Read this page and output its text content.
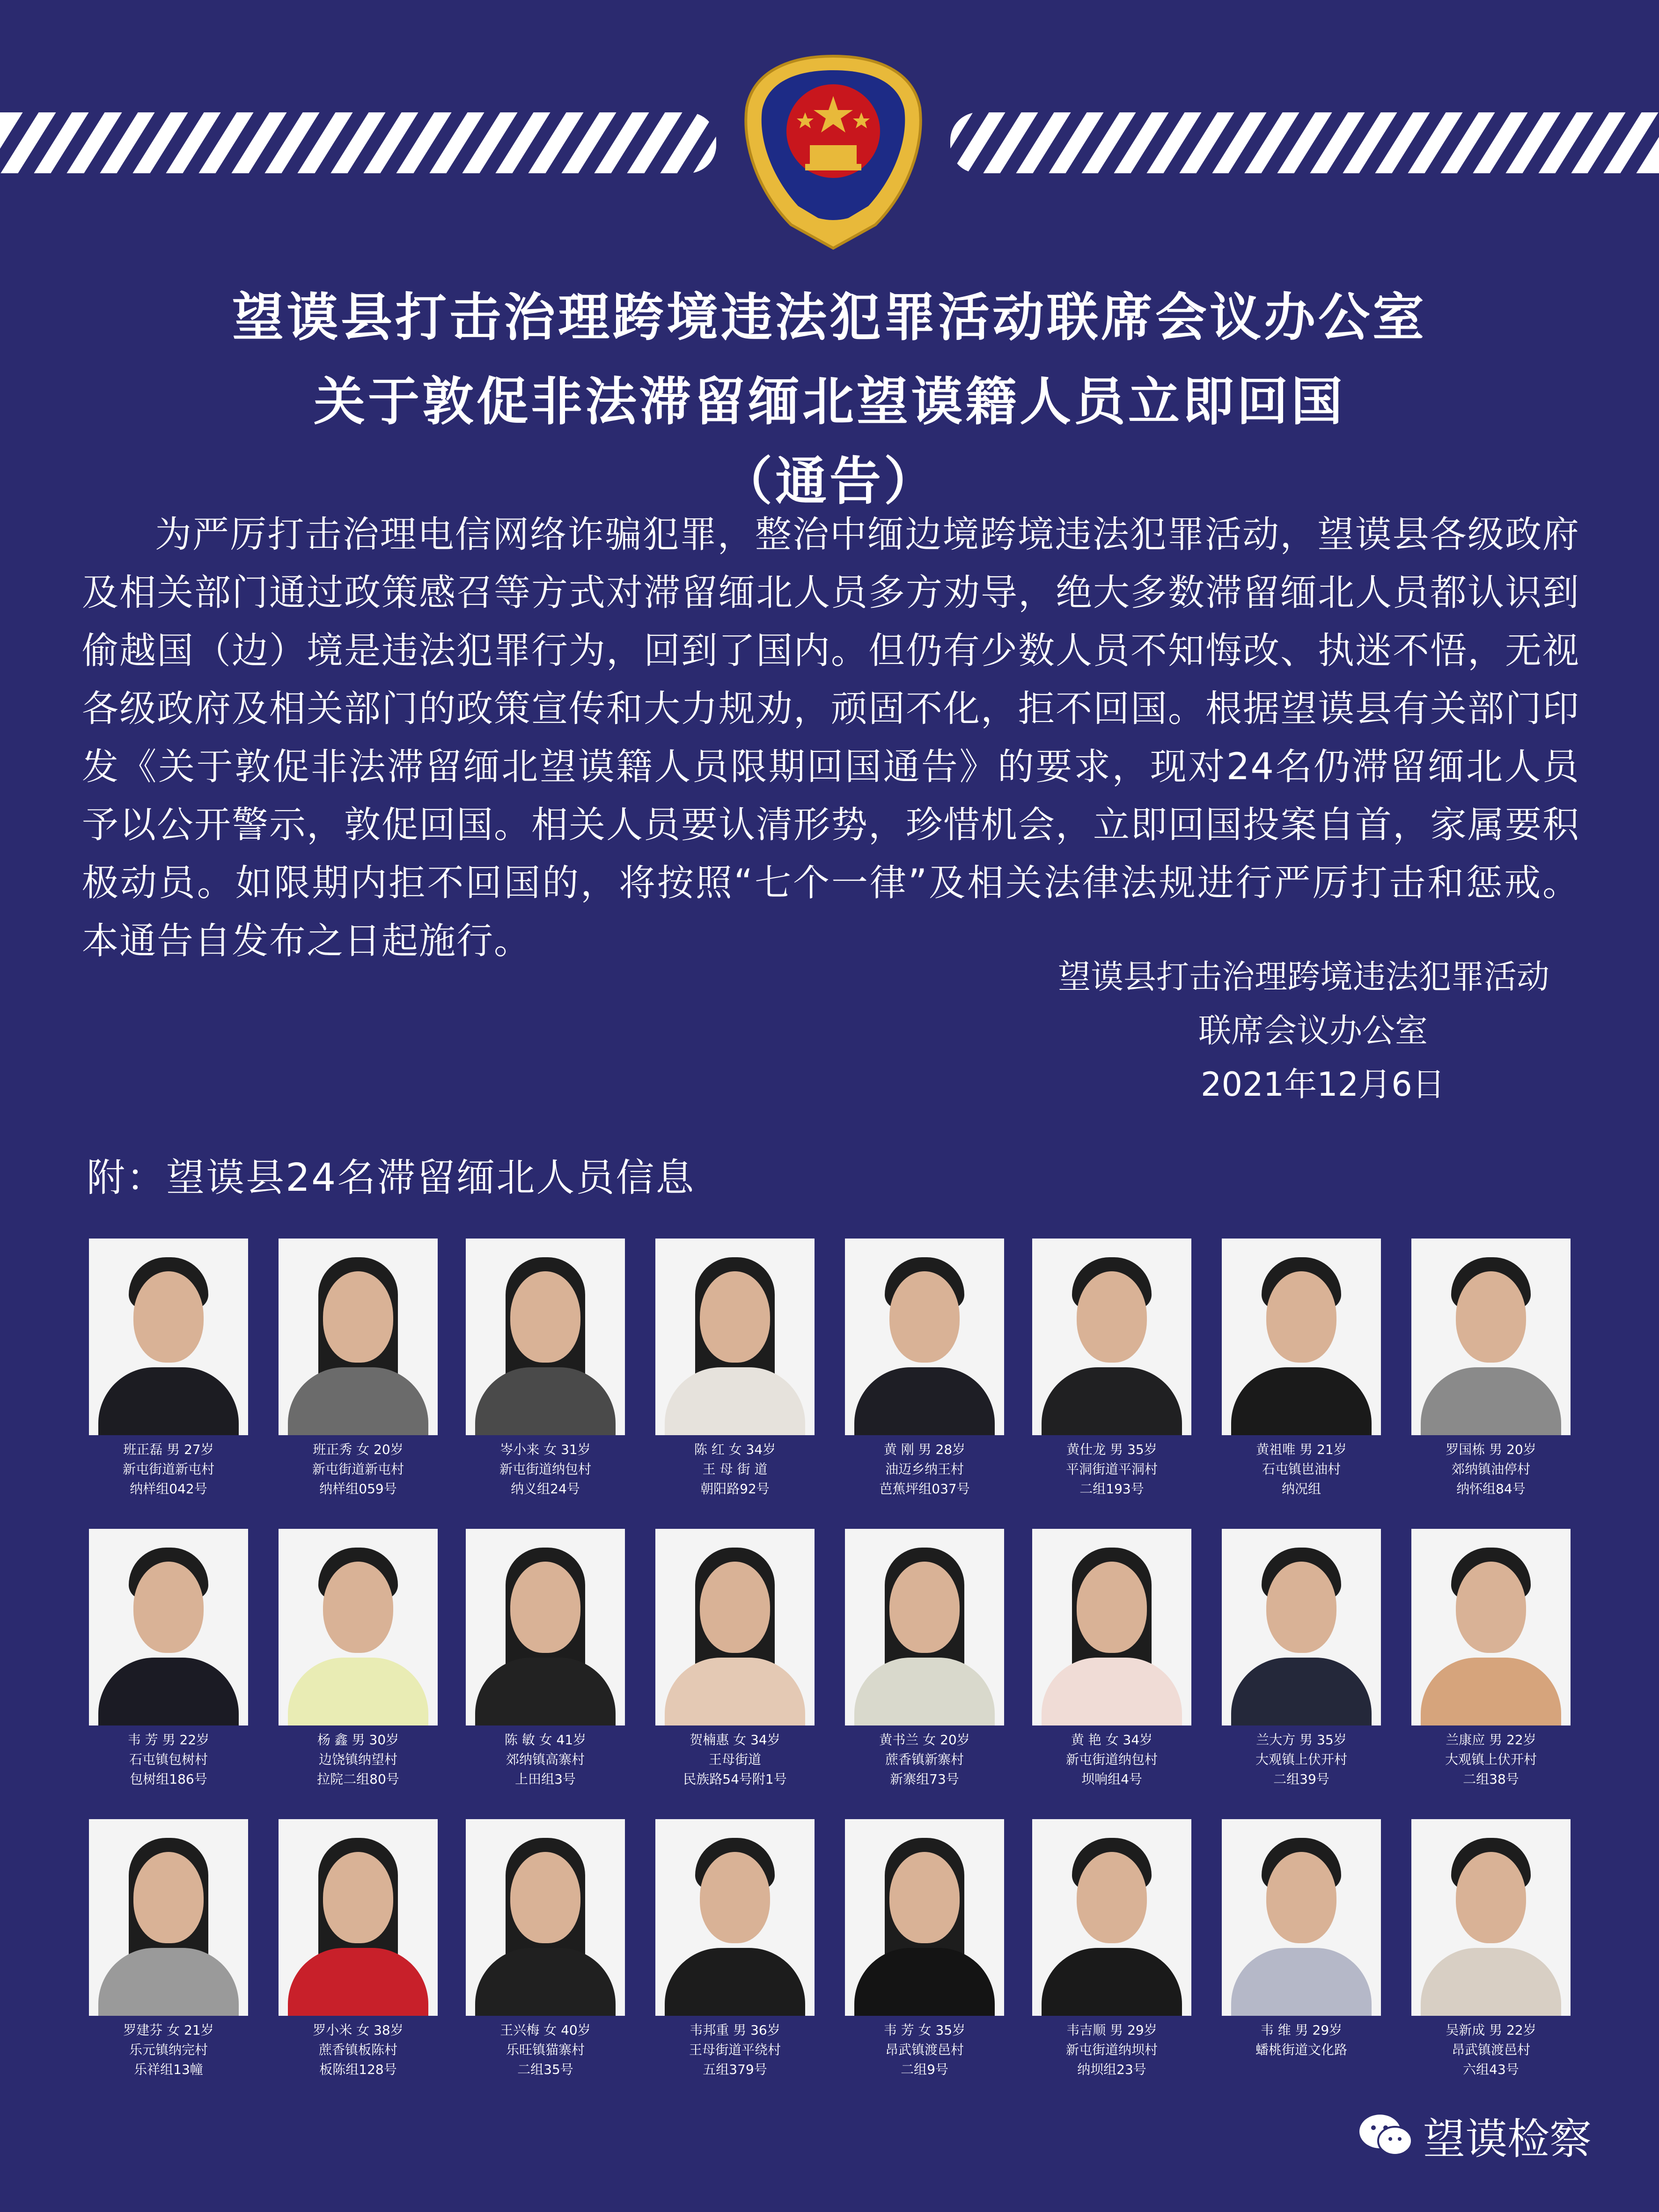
望谟县打击治理跨境违法犯罪活动联席会议办公室
关于敦促非法滞留缅北望谟籍人员立即回国
（通告）
为严厉打击治理电信网络诈骗犯罪，整治中缅边境跨境违法犯罪活动，望谟县各级政府及相关部门通过政策感召等方式对滞留缅北人员多方劝导，绝大多数滞留缅北人员都认识到偷越国（边）境是违法犯罪行为，回到了国内。但仍有少数人员不知悔改、执迷不悟，无视各级政府及相关部门的政策宣传和大力规劝，顽固不化，拒不回国。根据望谟县有关部门印发《关于敦促非法滞留缅北望谟籍人员限期回国通告》的要求，现对24名仍滞留缅北人员予以公开警示，敦促回国。相关人员要认清形势，珍惜机会，立即回国投案自首，家属要积极动员。如限期内拒不回国的，将按照“七个一律”及相关法律法规进行严厉打击和惩戒。本通告自发布之日起施行。
望谟县打击治理跨境违法犯罪活动
联席会议办公室
2021年12月6日
附：望谟县24名滞留缅北人员信息
班正磊 男 27岁
新屯街道新屯村
纳样组042号
班正秀 女 20岁
新屯街道新屯村
纳样组059号
岑小来 女 31岁
新屯街道纳包村
纳义组24号
陈 红 女 34岁
王 母 街 道
朝阳路92号
黄 刚 男 28岁
油迈乡纳王村
芭蕉坪组037号
黄仕龙 男 35岁
平洞街道平洞村
二组193号
黄祖唯 男 21岁
石屯镇岜油村
纳况组
罗国栋 男 20岁
郊纳镇油停村
纳怀组84号
韦 芳 男 22岁
石屯镇包树村
包树组186号
杨 鑫 男 30岁
边饶镇纳望村
拉院二组80号
陈 敏 女 41岁
郊纳镇高寨村
上田组3号
贺楠惠 女 34岁
王母街道
民族路54号附1号
黄书兰 女 20岁
蔗香镇新寨村
新寨组73号
黄 艳 女 34岁
新屯街道纳包村
坝响组4号
兰大方 男 35岁
大观镇上伏开村
二组39号
兰康应 男 22岁
大观镇上伏开村
二组38号
罗建芬 女 21岁
乐元镇纳完村
乐祥组13幢
罗小米 女 38岁
蔗香镇板陈村
板陈组128号
王兴梅 女 40岁
乐旺镇猫寨村
二组35号
韦邦重 男 36岁
王母街道平绕村
五组379号
韦 芳 女 35岁
昂武镇渡邑村
二组9号
韦吉顺 男 29岁
新屯街道纳坝村
纳坝组23号
韦 维 男 29岁
蟠桃街道文化路
吴新成 男 22岁
昂武镇渡邑村
六组43号
望谟检察
